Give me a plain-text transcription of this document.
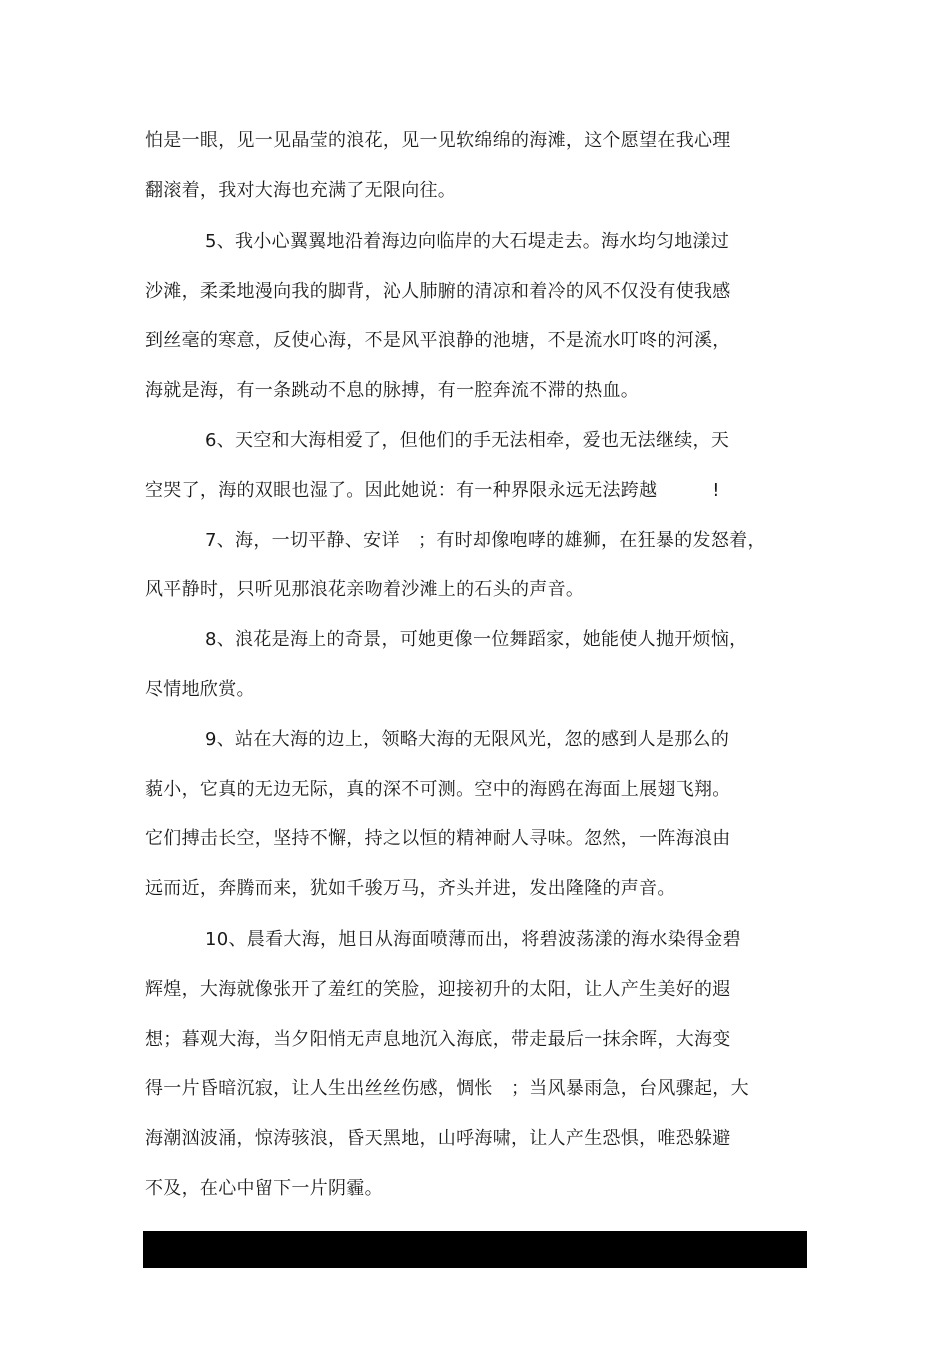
怕是一眼，见一见晶莹的浪花，见一见软绵绵的海滩，这个愿望在我心理
翻滚着，我对大海也充满了无限向往。
5、我小心翼翼地沿着海边向临岸的大石堤走去。海水均匀地漾过
沙滩，柔柔地漫向我的脚背，沁人肺腑的清凉和着冷的风不仅没有使我感
到丝毫的寒意，反使心海，不是风平浪静的池塘，不是流水叮咚的河溪，
海就是海，有一条跳动不息的脉搏，有一腔奔流不滞的热血。
6、天空和大海相爱了，但他们的手无法相牵，爱也无法继续，天
空哭了，海的双眼也湿了。因此她说：有一种界限永远无法跨越　　　!
7、海，一切平静、安详　；有时却像咆哮的雄狮，在狂暴的发怒着，
风平静时，只听见那浪花亲吻着沙滩上的石头的声音。
8、浪花是海上的奇景，可她更像一位舞蹈家，她能使人抛开烦恼，
尽情地欣赏。
9、站在大海的边上，领略大海的无限风光，忽的感到人是那么的
藐小，它真的无边无际，真的深不可测。空中的海鸥在海面上展翅飞翔。
它们搏击长空，坚持不懈，持之以恒的精神耐人寻味。忽然，一阵海浪由
远而近，奔腾而来，犹如千骏万马，齐头并进，发出隆隆的声音。
10、晨看大海，旭日从海面喷薄而出，将碧波荡漾的海水染得金碧
辉煌，大海就像张开了羞红的笑脸，迎接初升的太阳，让人产生美好的遐
想；暮观大海，当夕阳悄无声息地沉入海底，带走最后一抹余晖，大海变
得一片昏暗沉寂，让人生出丝丝伤感，惆怅　；当风暴雨急，台风骤起，大
海潮汹波涌，惊涛骇浪，昏天黑地，山呼海啸，让人产生恐惧，唯恐躲避
不及，在心中留下一片阴霾。
